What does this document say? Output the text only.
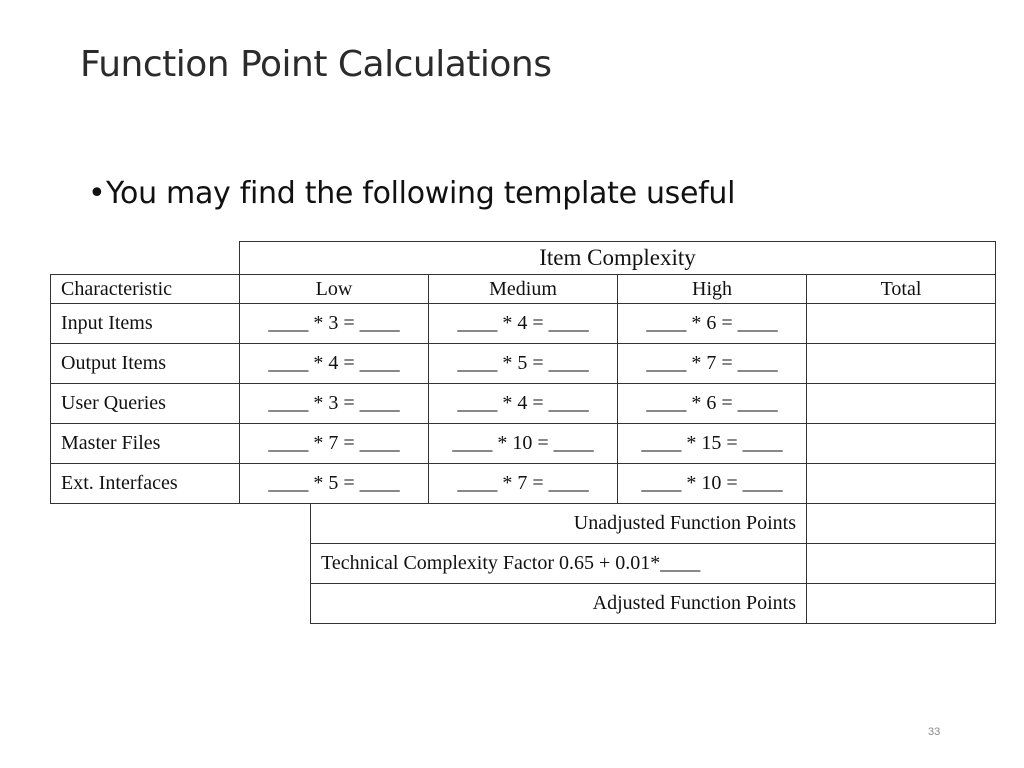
Function Point Calculations
•You may find the following template useful
	Item Complexity				
Characteristic	Low		Medium	High	Total
Input Items	____ * 3 = ____		____ * 4 = ____	____ * 6 = ____	
Output Items	____ * 4 = ____		____ * 5 = ____	____ * 7 = ____	
User Queries	____ * 3 = ____		____ * 4 = ____	____ * 6 = ____	
Master Files	____ * 7 = ____		____ * 10 = ____	____ * 15 = ____	
Ext. Interfaces	____ * 5 = ____		____ * 7 = ____	____ * 10 = ____	
		Unadjusted Function Points			
		Technical Complexity Factor 0.65 + 0.01*____			
		Adjusted Function Points			
33
